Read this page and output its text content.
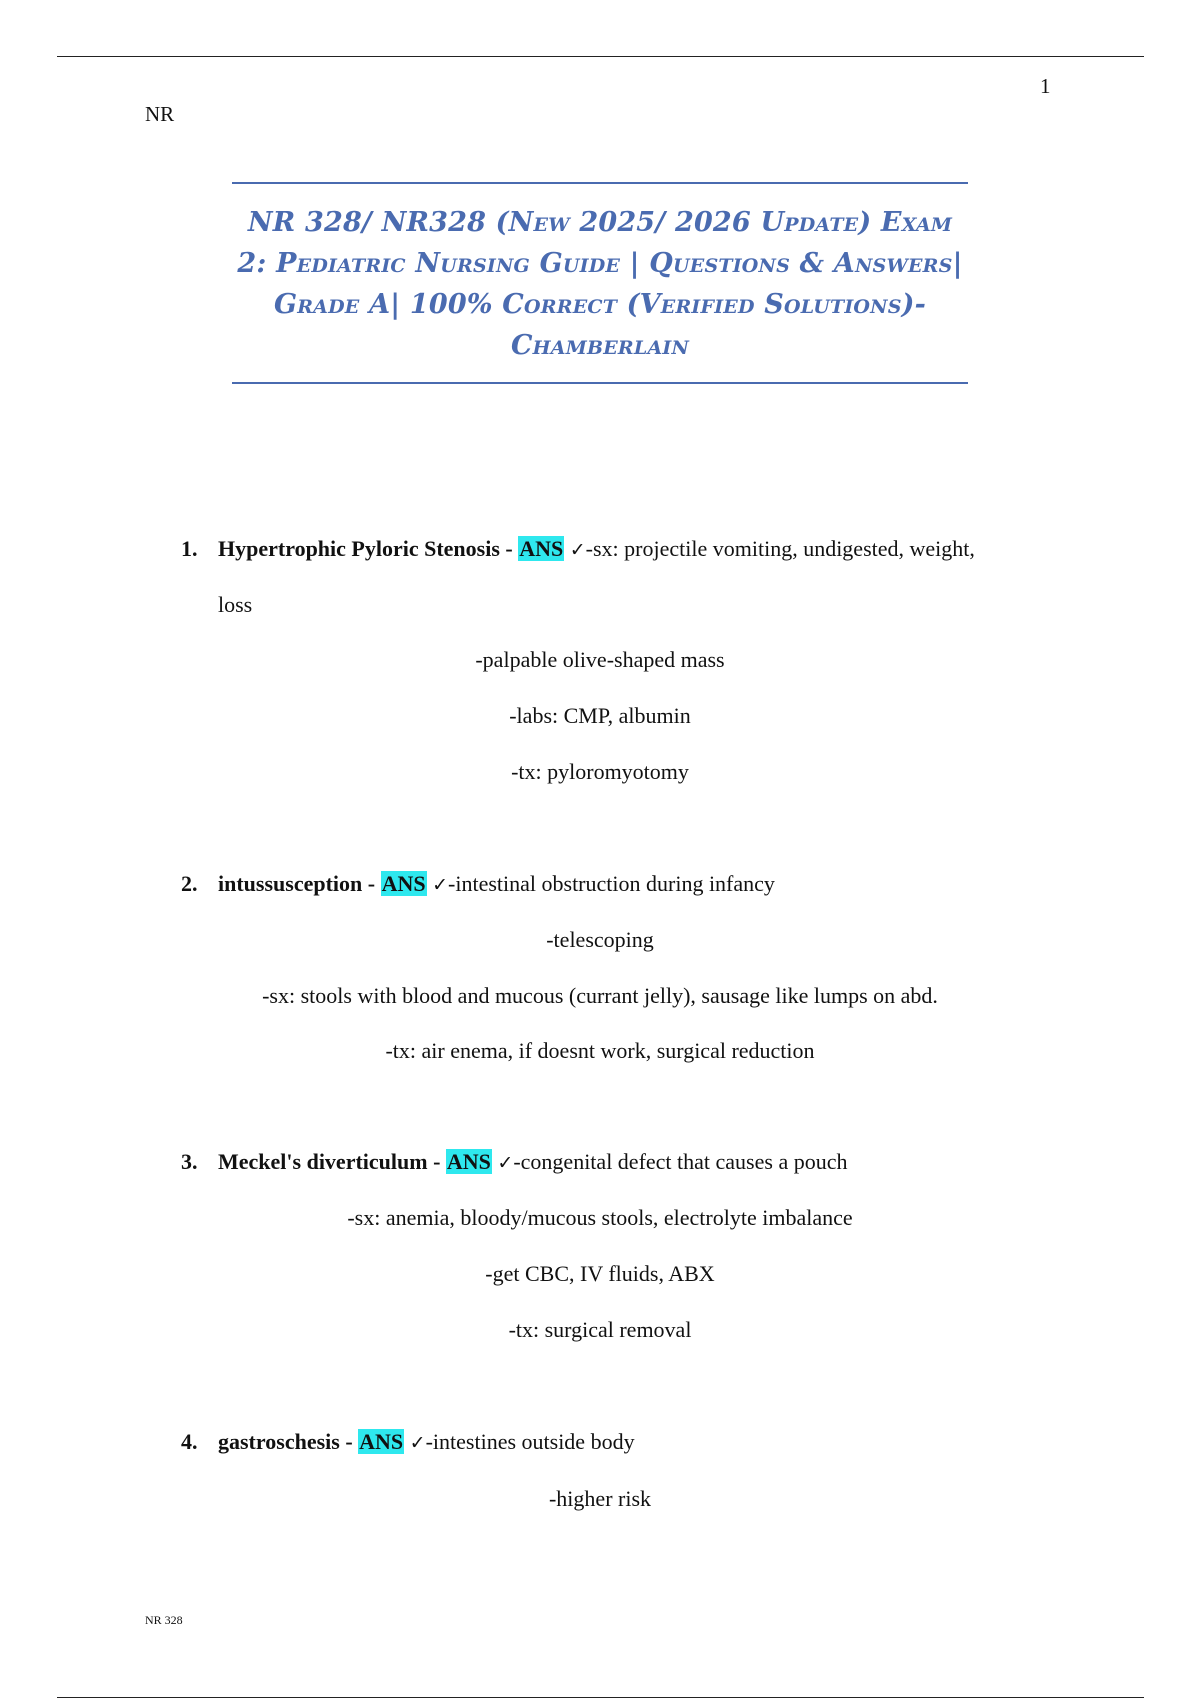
1
NR
NR 328/ NR328 (New 2025/ 2026 Update) Exam
2: Pediatric Nursing Guide | Questions & Answers|
Grade A| 100% Correct (Verified Solutions)-
Chamberlain
1. Hypertrophic Pyloric Stenosis - ANS ✓-sx: projectile vomiting, undigested, weight,
loss
-palpable olive-shaped mass
-labs: CMP, albumin
-tx: pyloromyotomy
2. intussusception - ANS ✓-intestinal obstruction during infancy
-telescoping
-sx: stools with blood and mucous (currant jelly), sausage like lumps on abd.
-tx: air enema, if doesnt work, surgical reduction
3. Meckel's diverticulum - ANS ✓-congenital defect that causes a pouch
-sx: anemia, bloody/mucous stools, electrolyte imbalance
-get CBC, IV fluids, ABX
-tx: surgical removal
4. gastroschesis - ANS ✓-intestines outside body
-higher risk
NR 328
